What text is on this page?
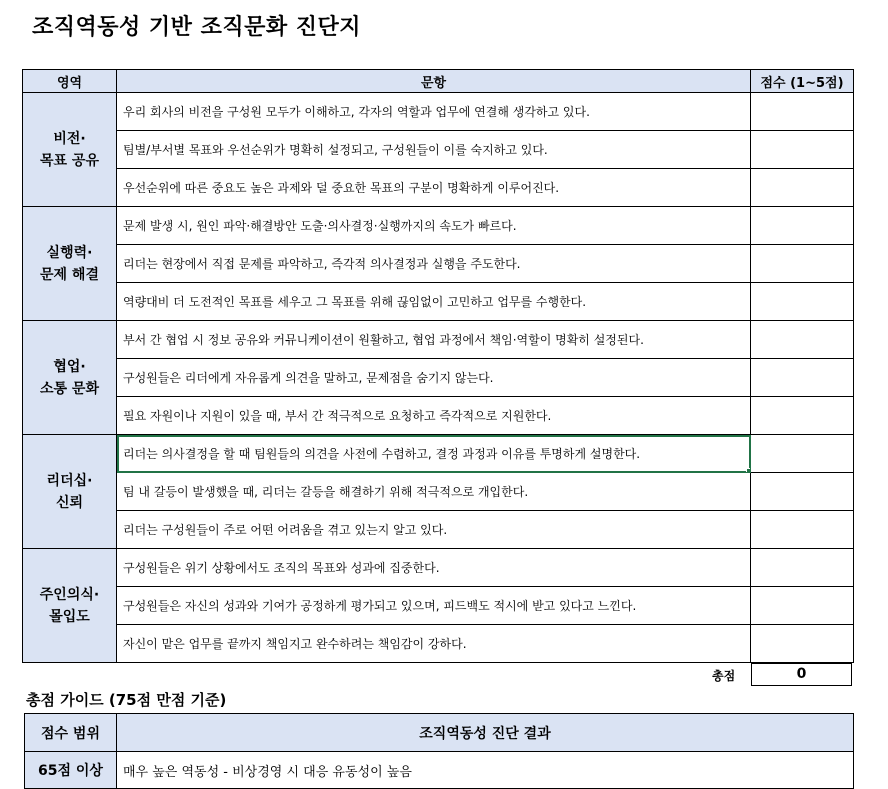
조직역동성 기반 조직문화 진단지
영역	문항	점수 (1~5점)

비전·
목표 공유	우리 회사의 비전을 구성원 모두가 이해하고, 각자의 역할과 업무에 연결해 생각하고 있다.	
	팀별/부서별 목표와 우선순위가 명확히 설정되고, 구성원들이 이를 숙지하고 있다.	
	우선순위에 따른 중요도 높은 과제와 덜 중요한 목표의 구분이 명확하게 이루어진다.	

실행력·
문제 해결	문제 발생 시, 원인 파악·해결방안 도출·의사결정·실행까지의 속도가 빠르다.	
	리더는 현장에서 직접 문제를 파악하고, 즉각적 의사결정과 실행을 주도한다.	
	역량대비 더 도전적인 목표를 세우고 그 목표를 위해 끊임없이 고민하고 업무를 수행한다.	

협업·
소통 문화	부서 간 협업 시 정보 공유와 커뮤니케이션이 원활하고, 협업 과정에서 책임·역할이 명확히 설정된다.	
	구성원들은 리더에게 자유롭게 의견을 말하고, 문제점을 숨기지 않는다.	
	필요 자원이나 지원이 있을 때, 부서 간 적극적으로 요청하고 즉각적으로 지원한다.	

리더십·
신뢰	리더는 의사결정을 할 때 팀원들의 의견을 사전에 수렴하고, 결정 과정과 이유를 투명하게 설명한다.

	팀 내 갈등이 발생했을 때, 리더는 갈등을 해결하기 위해 적극적으로 개입한다.	
	리더는 구성원들이 주로 어떤 어려움을 겪고 있는지 알고 있다.	

주인의식·
몰입도	구성원들은 위기 상황에서도 조직의 목표와 성과에 집중한다.	
	구성원들은 자신의 성과와 기여가 공정하게 평가되고 있으며, 피드백도 적시에 받고 있다고 느낀다.	
	자신이 맡은 업무를 끝까지 책임지고 완수하려는 책임감이 강하다.	
총점	0
총점 가이드 (75점 만점 기준)
점수 범위	조직역동성 진단 결과
65점 이상	매우 높은 역동성 - 비상경영 시 대응 유동성이 높음
